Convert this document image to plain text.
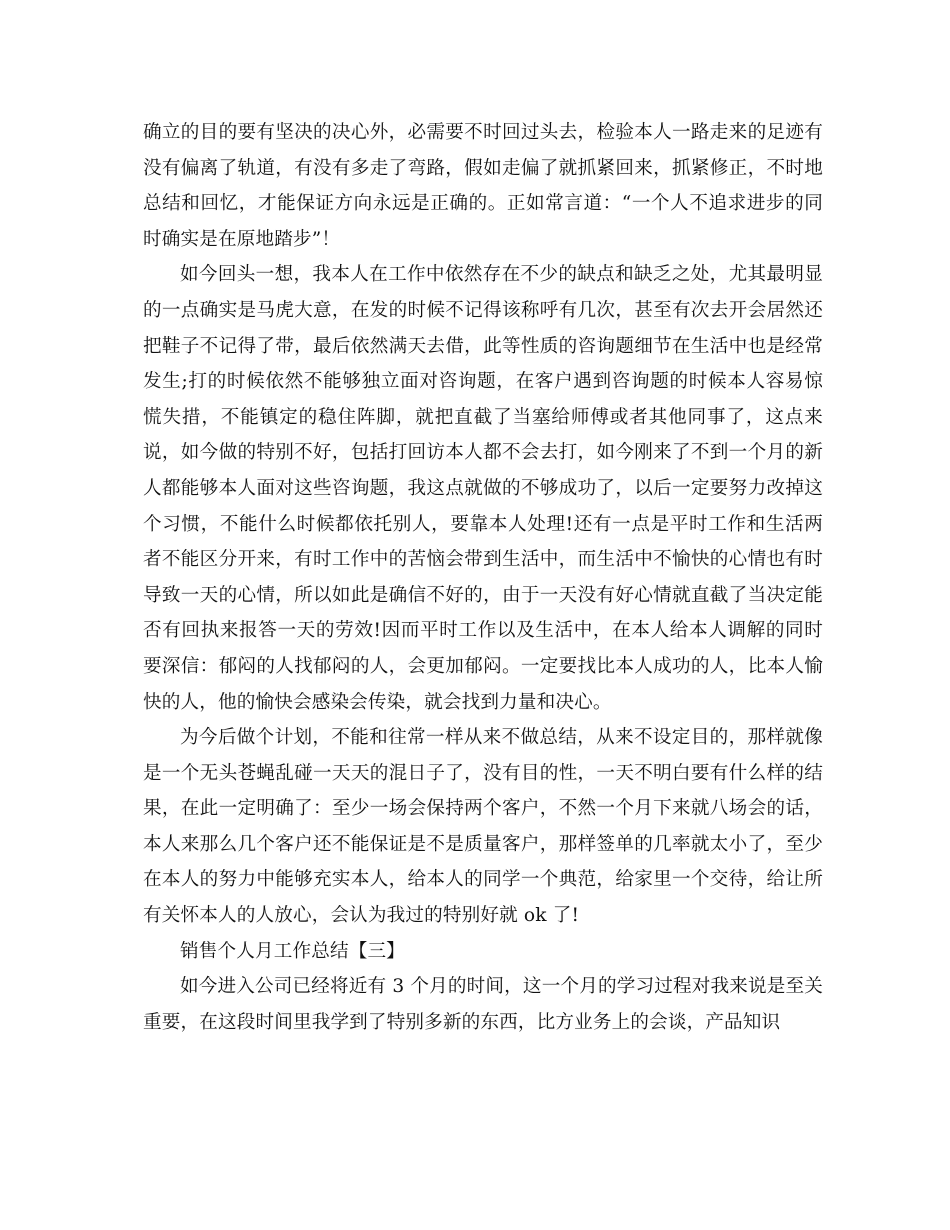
确立的目的要有坚决的决心外，必需要不时回过头去，检验本人一路走来的足迹有没有偏离了轨道，有没有多走了弯路，假如走偏了就抓紧回来，抓紧修正，不时地总结和回忆，才能保证方向永远是正确的。正如常言道：“一个人不追求进步的同时确实是在原地踏步”！

如今回头一想，我本人在工作中依然存在不少的缺点和缺乏之处，尤其最明显的一点确实是马虎大意，在发的时候不记得该称呼有几次，甚至有次去开会居然还把鞋子不记得了带，最后依然满天去借，此等性质的咨询题细节在生活中也是经常发生;打的时候依然不能够独立面对咨询题，在客户遇到咨询题的时候本人容易惊慌失措，不能镇定的稳住阵脚，就把直截了当塞给师傅或者其他同事了，这点来说，如今做的特别不好，包括打回访本人都不会去打，如今刚来了不到一个月的新人都能够本人面对这些咨询题，我这点就做的不够成功了，以后一定要努力改掉这个习惯，不能什么时候都依托别人，要靠本人处理!还有一点是平时工作和生活两者不能区分开来，有时工作中的苦恼会带到生活中，而生活中不愉快的心情也有时导致一天的心情，所以如此是确信不好的，由于一天没有好心情就直截了当决定能否有回执来报答一天的劳效!因而平时工作以及生活中，在本人给本人调解的同时要深信：郁闷的人找郁闷的人，会更加郁闷。一定要找比本人成功的人，比本人愉快的人，他的愉快会感染会传染，就会找到力量和决心。

为今后做个计划，不能和往常一样从来不做总结，从来不设定目的，那样就像是一个无头苍蝇乱碰一天天的混日子了，没有目的性，一天不明白要有什么样的结果，在此一定明确了：至少一场会保持两个客户，不然一个月下来就八场会的话，本人来那么几个客户还不能保证是不是质量客户，那样签单的几率就太小了，至少在本人的努力中能够充实本人，给本人的同学一个典范，给家里一个交待，给让所有关怀本人的人放心，会认为我过的特别好就 ok 了!

销售个人月工作总结【三】

如今进入公司已经将近有 3 个月的时间，这一个月的学习过程对我来说是至关重要，在这段时间里我学到了特别多新的东西，比方业务上的会谈，产品知识
